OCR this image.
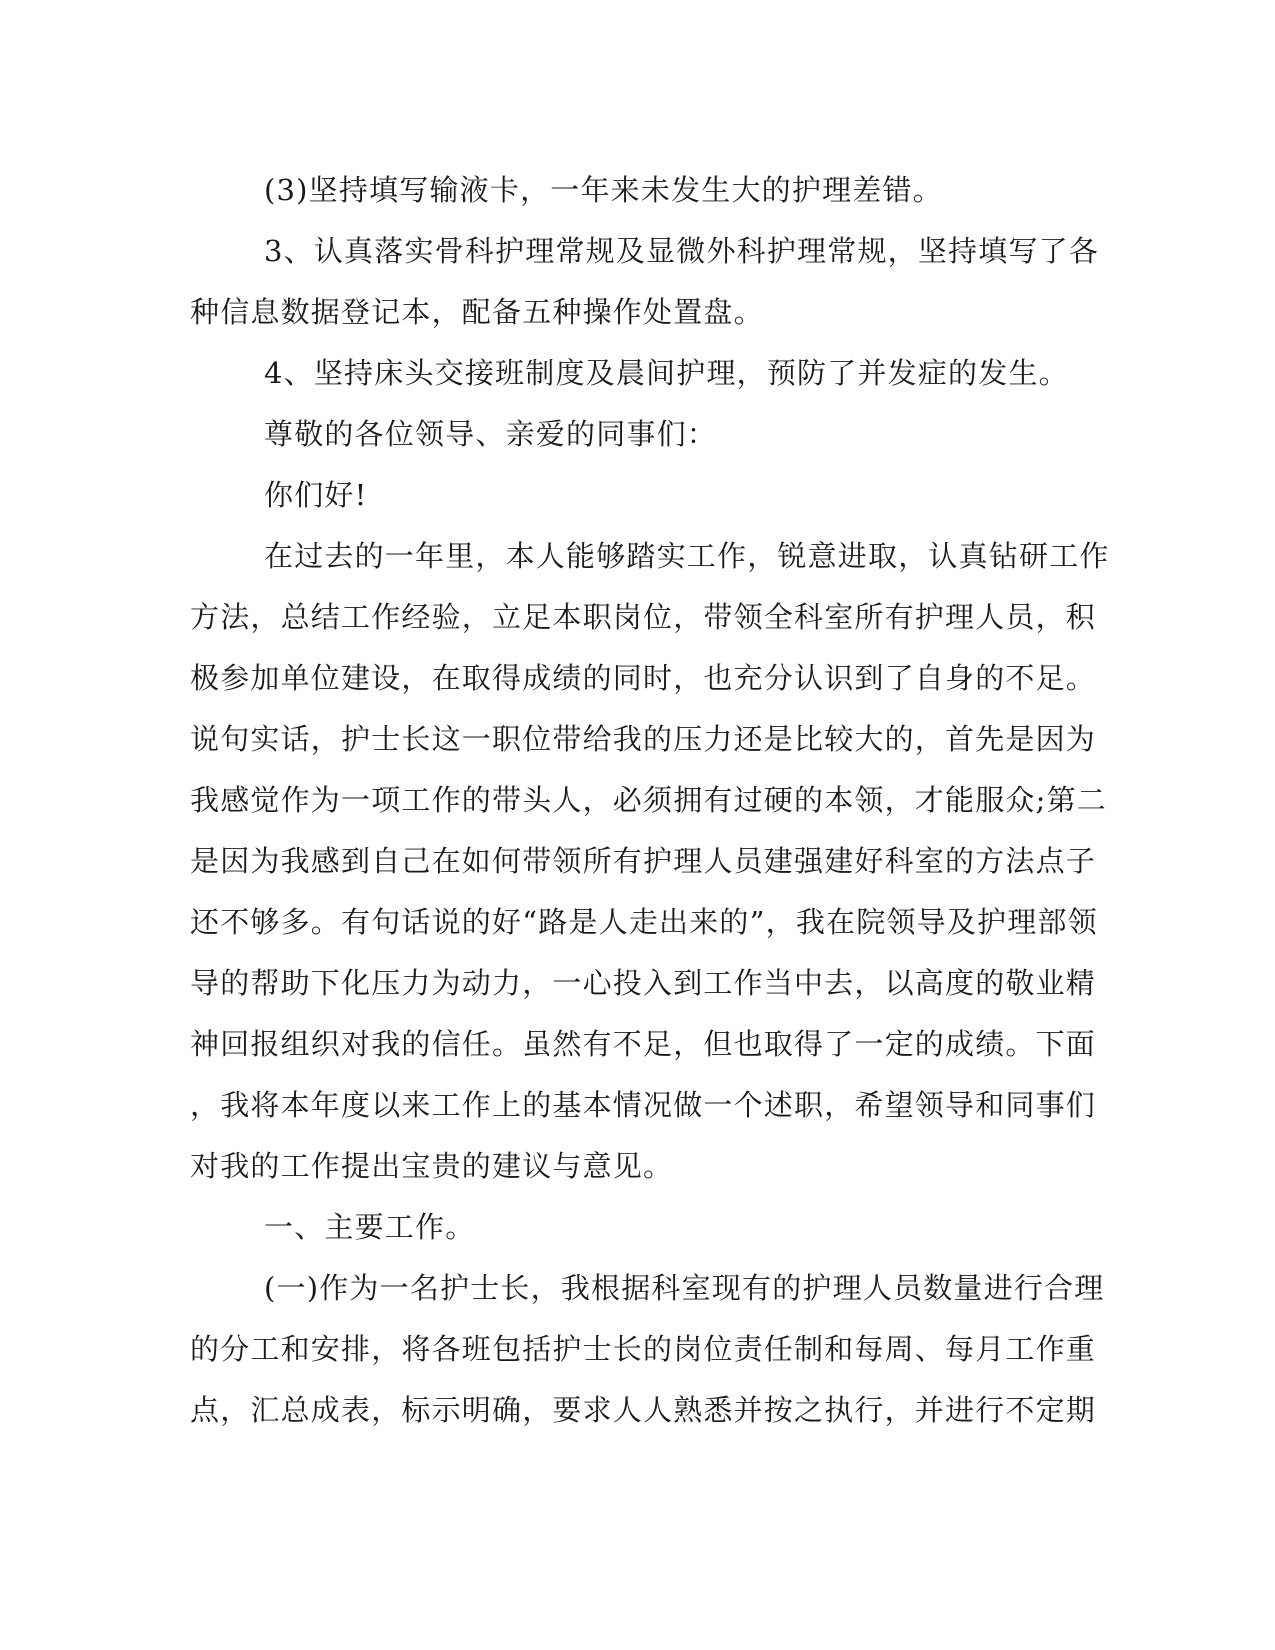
(3)坚持填写输液卡，一年来未发生大的护理差错。

3、认真落实骨科护理常规及显微外科护理常规，坚持填写了各
种信息数据登记本，配备五种操作处置盘。

4、坚持床头交接班制度及晨间护理，预防了并发症的发生。

尊敬的各位领导、亲爱的同事们：

你们好!

在过去的一年里，本人能够踏实工作，锐意进取，认真钻研工作
方法，总结工作经验，立足本职岗位，带领全科室所有护理人员，积
极参加单位建设，在取得成绩的同时，也充分认识到了自身的不足。
说句实话，护士长这一职位带给我的压力还是比较大的，首先是因为
我感觉作为一项工作的带头人，必须拥有过硬的本领，才能服众;第二
是因为我感到自己在如何带领所有护理人员建强建好科室的方法点子
还不够多。有句话说的好“路是人走出来的”，我在院领导及护理部领
导的帮助下化压力为动力，一心投入到工作当中去，以高度的敬业精
神回报组织对我的信任。虽然有不足，但也取得了一定的成绩。下面
，我将本年度以来工作上的基本情况做一个述职，希望领导和同事们
对我的工作提出宝贵的建议与意见。

一、主要工作。

(一)作为一名护士长，我根据科室现有的护理人员数量进行合理
的分工和安排，将各班包括护士长的岗位责任制和每周、每月工作重
点，汇总成表，标示明确，要求人人熟悉并按之执行，并进行不定期
